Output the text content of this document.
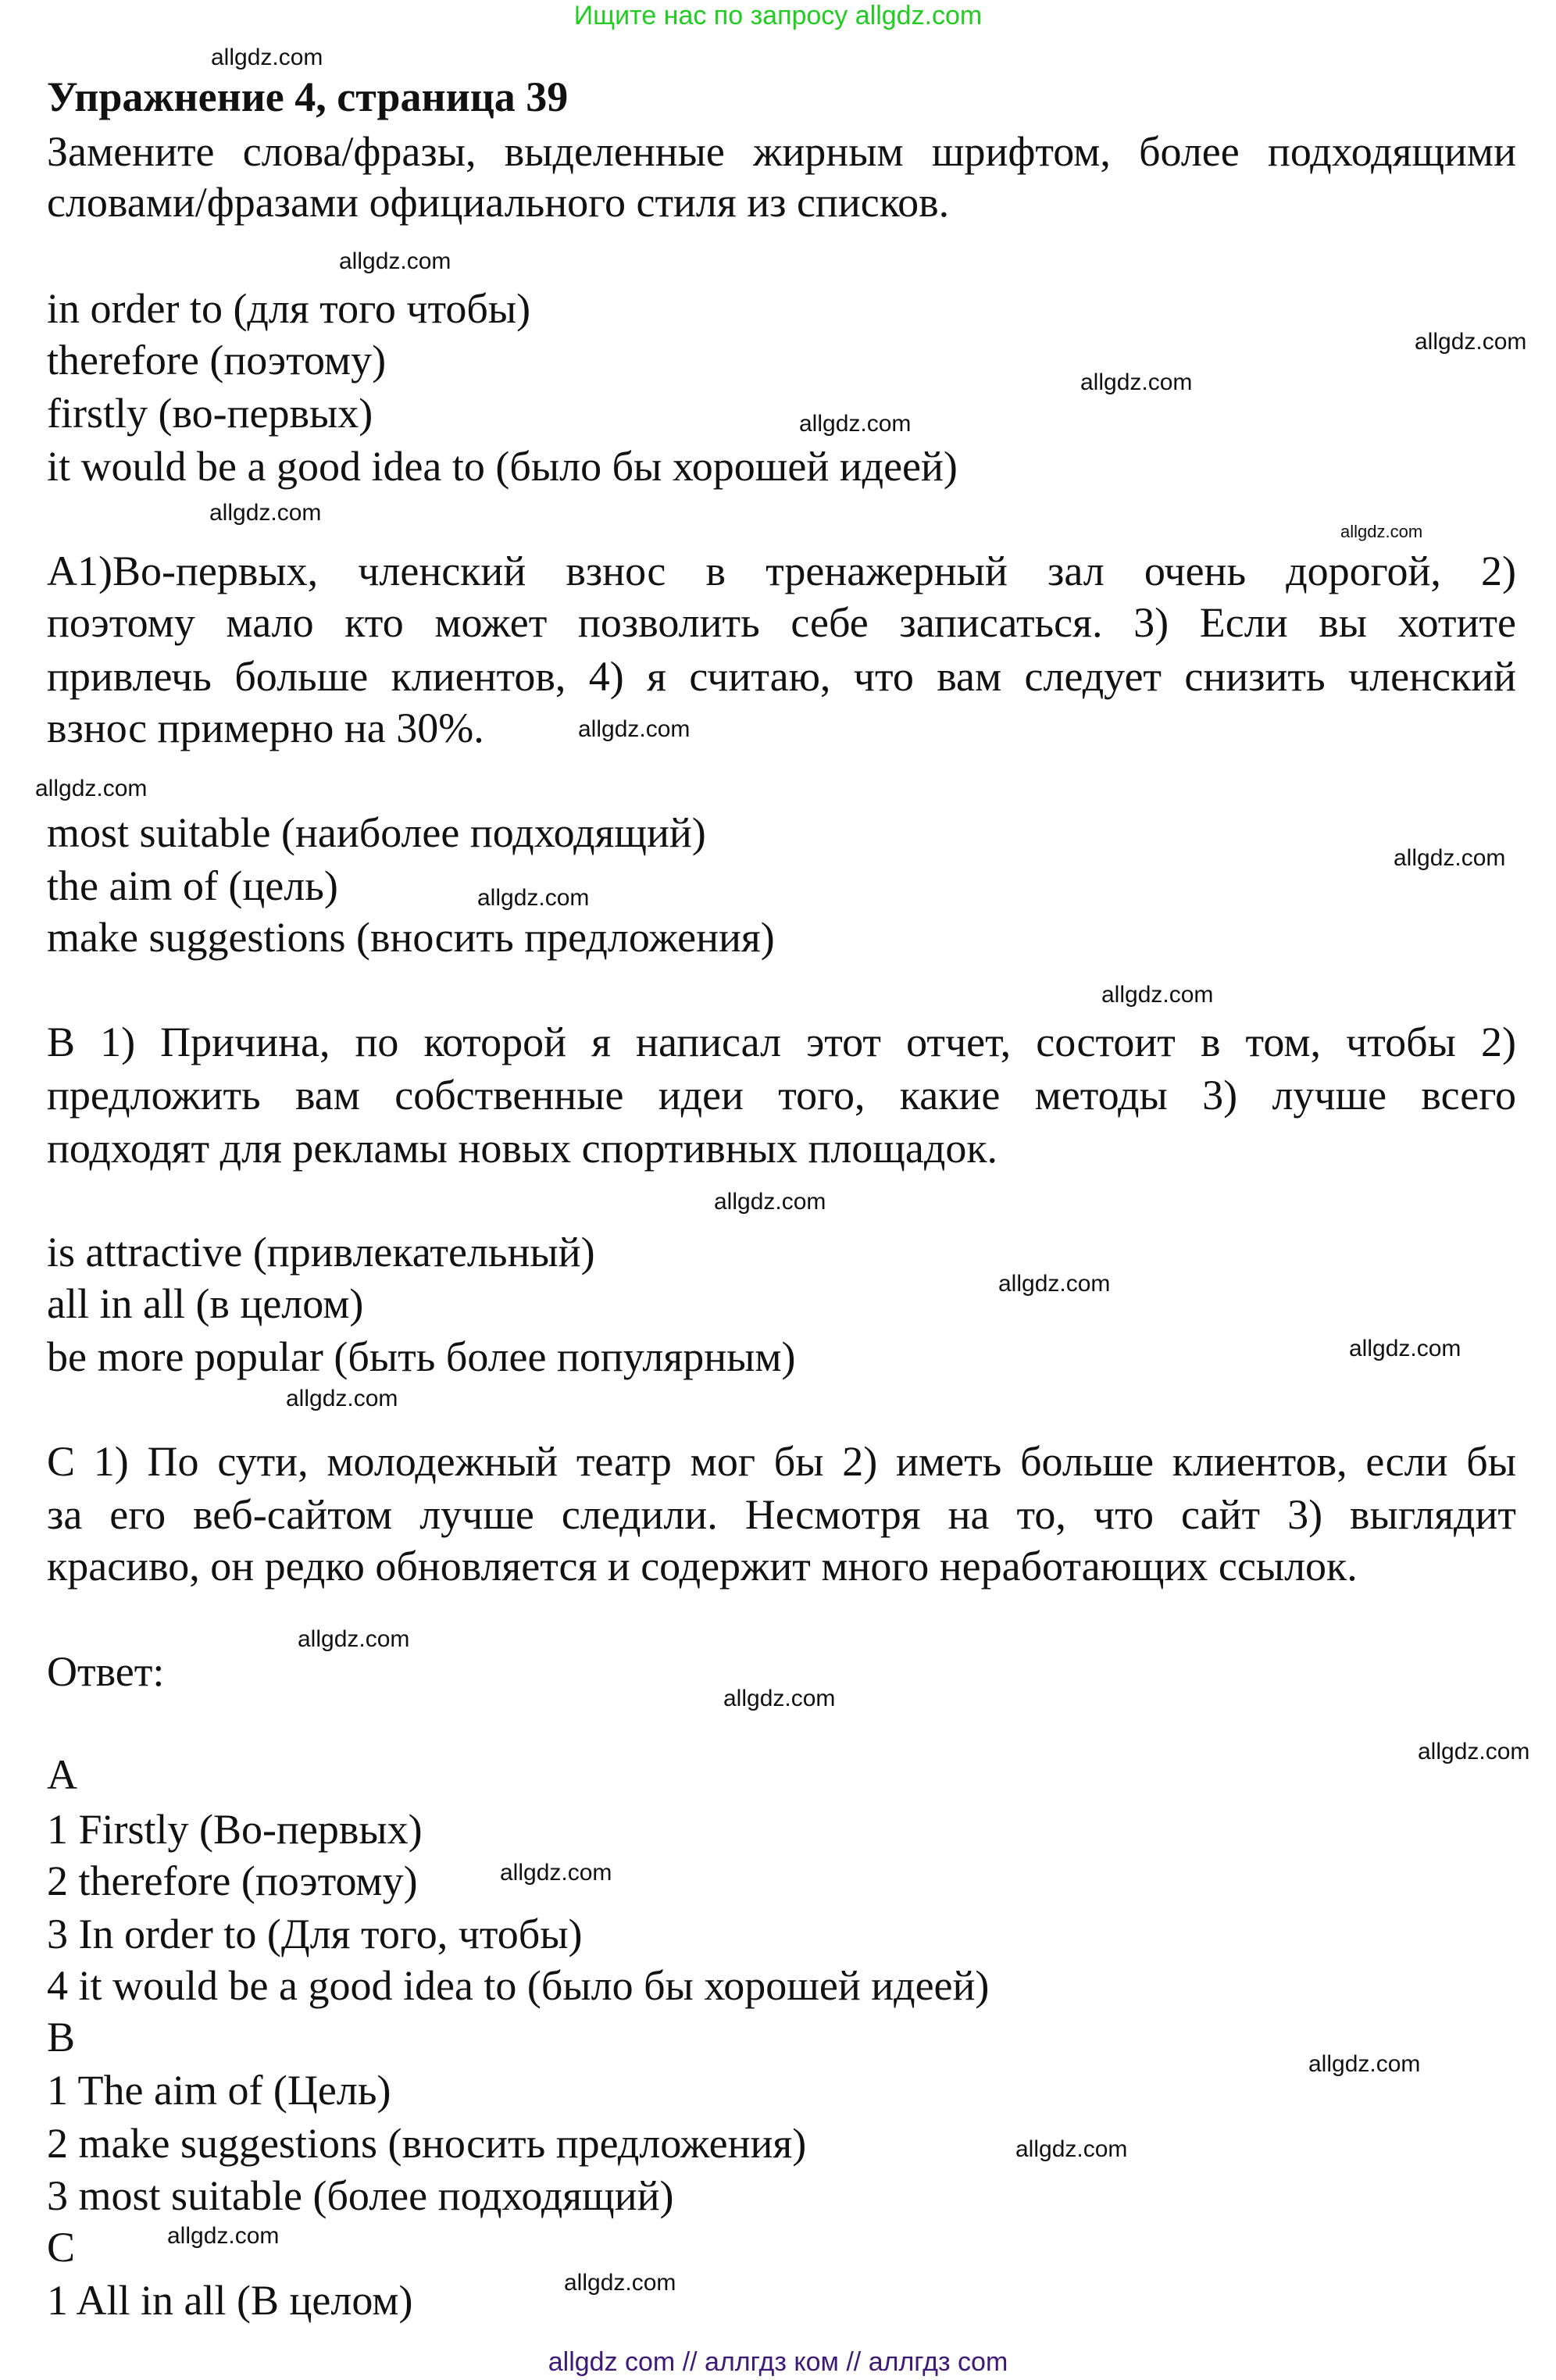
Ищите нас по запросу allgdz.com
Упражнение 4, страница 39
Замените слова/фразы, выделенные жирным шрифтом, более подходящими
словами/фразами официального стиля из списков.
in order to (для того чтобы)
therefore (поэтому)
firstly (во-первых)
it would be a good idea to (было бы хорошей идеей)
А1)Во-первых, членский взнос в тренажерный зал очень дорогой, 2)
поэтому мало кто может позволить себе записаться. 3) Если вы хотите
привлечь больше клиентов, 4) я считаю, что вам следует снизить членский
взнос примерно на 30%.
most suitable (наиболее подходящий)
the aim of (цель)
make suggestions (вносить предложения)
В 1) Причина, по которой я написал этот отчет, состоит в том, чтобы 2)
предложить вам собственные идеи того, какие методы 3) лучше всего
подходят для рекламы новых спортивных площадок.
is attractive (привлекательный)
all in all (в целом)
be more popular (быть более популярным)
С 1) По сути, молодежный театр мог бы 2) иметь больше клиентов, если бы
за его веб-сайтом лучше следили. Несмотря на то, что сайт 3) выглядит
красиво, он редко обновляется и содержит много неработающих ссылок.
Ответ:
A
1 Firstly (Во-первых)
2 therefore (поэтому)
3 In order to (Для того, чтобы)
4 it would be a good idea to (было бы хорошей идеей)
B
1 The aim of (Цель)
2 make suggestions (вносить предложения)
3 most suitable (более подходящий)
C
1 All in all (В целом)
allgdz.com
allgdz.com
allgdz.com
allgdz.com
allgdz.com
allgdz.com
allgdz.com
allgdz.com
allgdz.com
allgdz.com
allgdz.com
allgdz.com
allgdz.com
allgdz.com
allgdz.com
allgdz.com
allgdz.com
allgdz.com
allgdz.com
allgdz.com
allgdz.com
allgdz.com
allgdz.com
allgdz.com
allgdz com // аллгдз ком // аллгдз com
